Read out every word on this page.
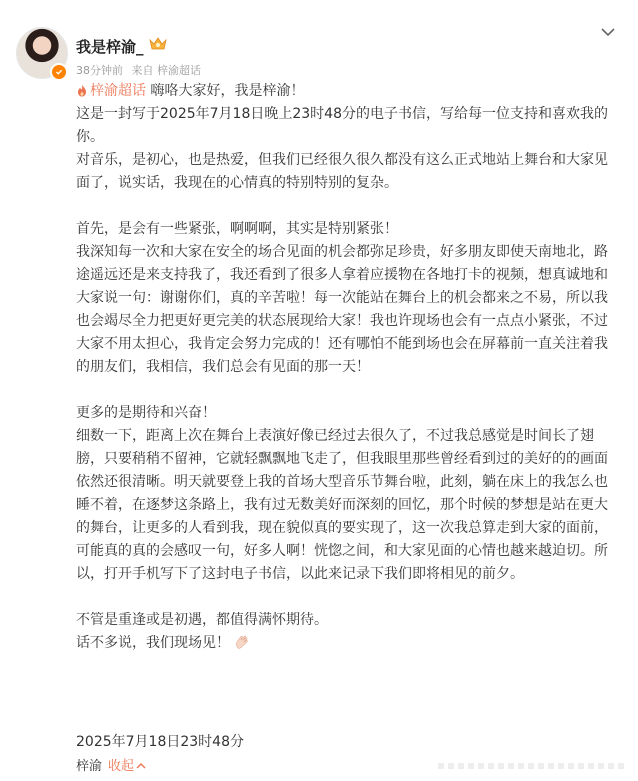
我是梓渝_
38分钟前 来自 梓渝超话

梓渝超话 嗨咯大家好，我是梓渝！

这是一封写于2025年7月18日晚上23时48分的电子书信，写给每一位支持和喜欢我的你。

对音乐，是初心，也是热爱，但我们已经很久很久都没有这么正式地站上舞台和大家见面了，说实话，我现在的心情真的特别特别的复杂。

首先，是会有一些紧张，啊啊啊，其实是特别紧张！

我深知每一次和大家在安全的场合见面的机会都弥足珍贵，好多朋友即使天南地北，路途遥远还是来支持我了，我还看到了很多人拿着应援物在各地打卡的视频，想真诚地和大家说一句：谢谢你们，真的辛苦啦！每一次能站在舞台上的机会都来之不易，所以我也会竭尽全力把更好更完美的状态展现给大家！我也许现场也会有一点点小紧张，不过大家不用太担心，我肯定会努力完成的！还有哪怕不能到场也会在屏幕前一直关注着我的朋友们，我相信，我们总会有见面的那一天！

更多的是期待和兴奋！

细数一下，距离上次在舞台上表演好像已经过去很久了，不过我总感觉是时间长了翅膀，只要稍稍不留神，它就轻飘飘地飞走了，但我眼里那些曾经看到过的美好的的画面依然还很清晰。明天就要登上我的首场大型音乐节舞台啦，此刻，躺在床上的我怎么也睡不着，在逐梦这条路上，我有过无数美好而深刻的回忆，那个时候的梦想是站在更大的舞台，让更多的人看到我，现在貌似真的要实现了，这一次我总算走到大家的面前，可能真的真的会感叹一句，好多人啊！恍惚之间，和大家见面的心情也越来越迫切。所以，打开手机写下了这封电子书信，以此来记录下我们即将相见的前夕。

不管是重逢或是初遇，都值得满怀期待。

话不多说，我们现场见！

2025年7月18日23时48分
梓渝 收起
